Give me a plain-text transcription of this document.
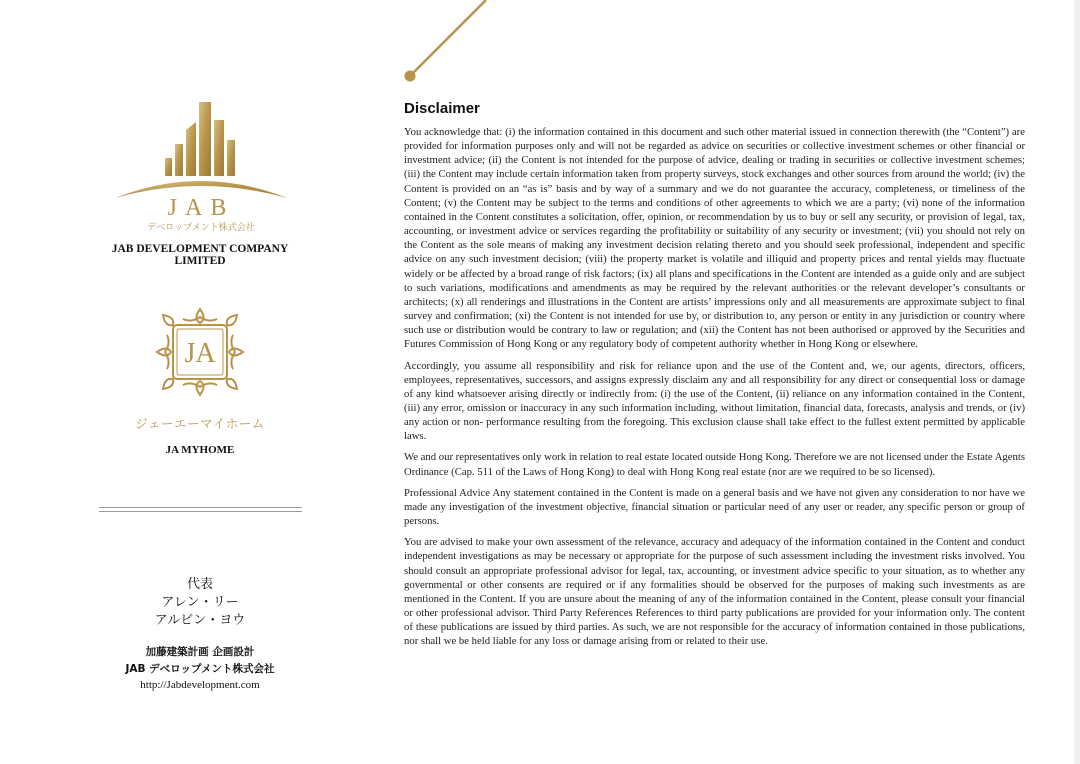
JAB
デベロップメント株式会社
JAB DEVELOPMENT COMPANY LIMITED
JA
ジェーエーマイホーム
JA MYHOME
代表
アレン・リー
アルビン・ヨウ
加藤建築計画 企画設計
JAB デベロップメント株式会社
http://Jabdevelopment.com
Disclaimer

You acknowledge that: (i) the information contained in this document and such other material issued in connection therewith (the “Content”) are provided for information purposes only and will not be regarded as advice on securities or collective investment schemes or other financial or investment advice; (ii) the Content is not intended for the purpose of advice, dealing or trading in securities or collective investment schemes; (iii) the Content may include certain information taken from property surveys, stock exchanges and other sources from around the world; (iv) the Content is provided on an “as is” basis and by way of a summary and we do not guarantee the accuracy, completeness, or timeliness of the Content; (v) the Content may be subject to the terms and conditions of other agreements to which we are a party; (vi) none of the information contained in the Content constitutes a solicitation, offer, opinion, or recommendation by us to buy or sell any security, or provision of legal, tax, accounting, or investment advice or services regarding the profitability or suitability of any security or investment; (vii) you should not rely on the Content as the sole means of making any investment decision relating thereto and you should seek professional, independent and specific advice on any such investment decision; (viii) the property market is volatile and illiquid and property prices and rental yields may fluctuate widely or be affected by a broad range of risk factors; (ix) all plans and specifications in the Content are intended as a guide only and are subject to such variations, modifications and amendments as may be required by the relevant authorities or the relevant developer’s consultants or architects; (x) all renderings and illustrations in the Content are artists’ impressions only and all measurements are approximate subject to final survey and confirmation; (xi) the Content is not intended for use by, or distribution to, any person or entity in any jurisdiction or country where such use or distribution would be contrary to law or regulation; and (xii) the Content has not been authorised or approved by the Securities and Futures Commission of Hong Kong or any regulatory body of competent authority whether in Hong Kong or elsewhere.

Accordingly, you assume all responsibility and risk for reliance upon and the use of the Content and, we, our agents, directors, officers, employees, representatives, successors, and assigns expressly disclaim any and all responsibility for any direct or consequential loss or damage of any kind whatsoever arising directly or indirectly from: (i) the use of the Content, (ii) reliance on any information contained in the Content, (iii) any error, omission or inaccuracy in any such information including, without limitation, financial data, forecasts, analysis and trends, or (iv) any action or non- performance resulting from the foregoing. This exclusion clause shall take effect to the fullest extent permitted by applicable laws.

We and our representatives only work in relation to real estate located outside Hong Kong. Therefore we are not licensed under the Estate Agents Ordinance (Cap. 511 of the Laws of Hong Kong) to deal with Hong Kong real estate (nor are we required to be so licensed).

Professional Advice Any statement contained in the Content is made on a general basis and we have not given any consideration to nor have we made any investigation of the investment objective, financial situation or particular need of any user or reader, any specific person or group of persons.

You are advised to make your own assessment of the relevance, accuracy and adequacy of the information contained in the Content and conduct independent investigations as may be necessary or appropriate for the purpose of such assessment including the investment risks involved. You should consult an appropriate professional advisor for legal, tax, accounting, or investment advice specific to your situation, as to whether any governmental or other consents are required or if any formalities should be observed for the purposes of making such investments as are mentioned in the Content. If you are unsure about the meaning of any of the information contained in the Content, please consult your financial or other professional advisor. Third Party References References to third party publications are provided for your information only. The content of these publications are issued by third parties. As such, we are not responsible for the accuracy of information contained in those publications, nor shall we be held liable for any loss or damage arising from or related to their use.
